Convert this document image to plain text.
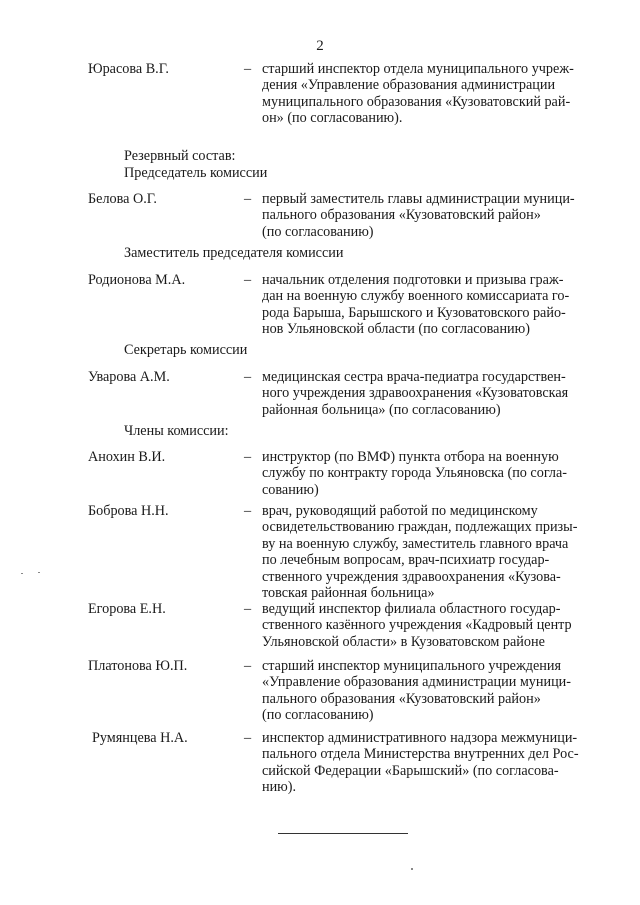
2
Юрасова В.Г.	– старший инспектор отдела муниципального учреж-
дения «Управление образования администрации
муниципального образования «Кузоватовский рай-
он» (по согласованию).
Резервный состав:
Председатель комиссии
Белова О.Г.	– первый заместитель главы администрации муници-
пального образования «Кузоватовский район»
(по согласованию)
Заместитель председателя комиссии
Родионова М.А.	– начальник отделения подготовки и призыва граж-
дан на военную службу военного комиссариата го-
рода Барыша, Барышского и Кузоватовского райо-
нов Ульяновской области (по согласованию)
Секретарь комиссии
Уварова А.М.	– медицинская сестра врача-педиатра государствен-
ного учреждения здравоохранения «Кузоватовская
районная больница» (по согласованию)
Члены комиссии:
Анохин В.И.	– инструктор (по ВМФ) пункта отбора на военную
службу по контракту города Ульяновска (по согла-
сованию)
Боброва Н.Н.	– врач, руководящий работой по медицинскому
освидетельствованию граждан, подлежащих призы-
ву на военную службу, заместитель главного врача
по лечебным вопросам, врач-психиатр государ-
ственного учреждения здравоохранения «Кузова-
товская районная больница»
Егорова Е.Н.	– ведущий инспектор филиала областного государ-
ственного казённого учреждения «Кадровый центр
Ульяновской области» в Кузоватовском районе
Платонова Ю.П.	– старший инспектор муниципального учреждения
«Управление образования администрации муници-
пального образования «Кузоватовский район»
(по согласованию)
Румянцева Н.А.	– инспектор административного надзора межмуници-
пального отдела Министерства внутренних дел Рос-
сийской Федерации «Барышский» (по согласова-
нию).
